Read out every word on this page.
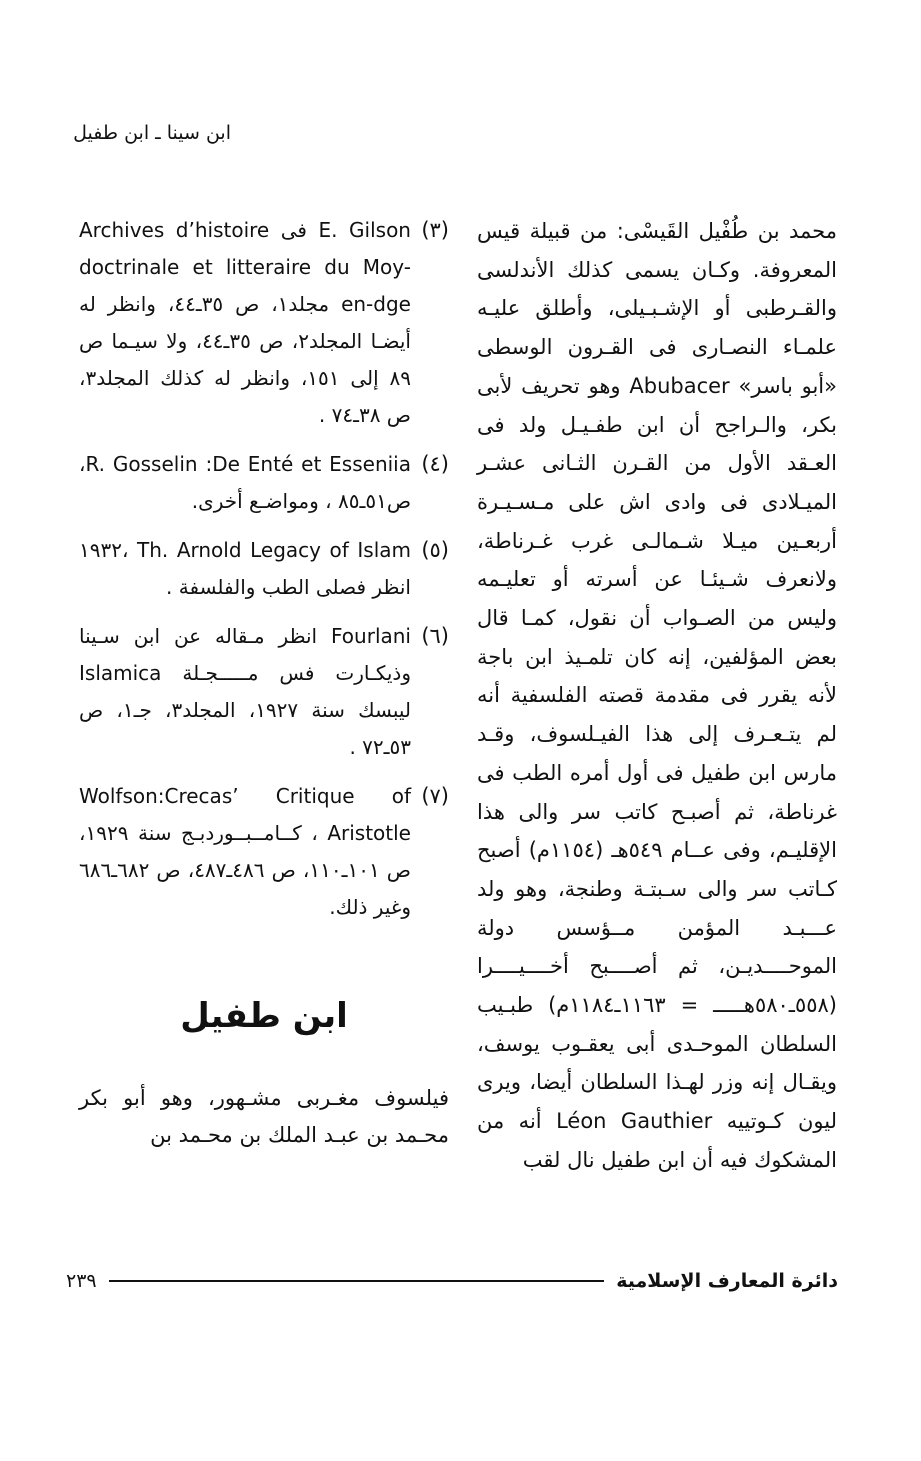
ابن سينا ـ ابن طفيل
محمد بن طُفْيل القَيسْى: من قبيلة قيس المعروفة. وكـان يسمى كذلك الأندلسى والقـرطبى أو الإشـبـيلى، وأطلق عليـه علمـاء النصـارى فى القـرون الوسطى «أبو باسر» Abubacer وهو تحريف لأبى بكر، والـراجح أن ابن طفـيـل ولد فى العـقد الأول من القـرن الثـانى عشـر الميـلادى فى وادى اش على مـسـيـرة أربعـين ميـلا شـمالـى غرب غـرناطة، ولانعرف شـيئـا عن أسرته أو تعليـمه وليس من الصـواب أن نقول، كمـا قال بعض المؤلفين، إنه كان تلمـيذ ابن باجة لأنه يقرر فى مقدمة قصته الفلسفية أنه لم يتـعـرف إلى هذا الفيـلسوف، وقـد مارس ابن طفيل فى أول أمره الطب فى غرناطة، ثم أصبـح كاتب سر والى هذا الإقليـم، وفى عــام ٥٤٩هـ (١١٥٤م) أصبح كـاتب سر والى سـبتـة وطنجة، وهو ولد عـــبـد المؤمن مــؤسس دولة الموحــــديـن، ثم أصــــبح أخــــيــــرا (٥٥٨ـ٥٨٠هـــــ = ١١٦٣ـ١١٨٤م) طبـيب السلطان الموحـدى أبى يعقـوب يوسف، ويقـال إنه وزر لهـذا السلطان أيضا، ويرى ليون كـوتييه Léon Gauthier أنه من المشكوك فيه أن ابن طفيل نال لقب
(٣)
E. Gilson فى Archives d’histoire doctrinale et litteraire du Moy-en-dge مجلد١، ص ٣٥ـ٤٤، وانظر له أيضـا المجلد٢، ص ٣٥ـ٤٤، ولا سيـما ص ٨٩ إلى ١٥١، وانظر له كذلك المجلد٣، ص ٣٨ـ٧٤ .
(٤)
R. Gosselin :De Enté et Esseniia، ص٥١ـ٨٥ ، ومواضـع أخرى.
(٥)
Th. Arnold Legacy of Islam ،١٩٣٢ انظر فصلى الطب والفلسفة .
(٦)
Fourlani انظر مـقاله عن ابن سـينا وذيكـارت فس مـــــجـلة Islamica ليبسك سنة ١٩٢٧، المجلد٣، جـ١، ص ٥٣ـ٧٢ .
(٧)
Wolfson:Crecas’ Critique of Aristotle ، كــامــبــوردبـج سنة ١٩٢٩، ص ١٠١ـ١١٠، ص ٤٨٦ـ٤٨٧، ص ٦٨٢ـ٦٨٦ وغير ذلك.
ابن طفيل
فيلسوف مغـربى مشـهور، وهو أبو بكر محـمد بن عبـد الملك بن محـمد بن
دائرة المعارف الإسلامية
٢٣٩
